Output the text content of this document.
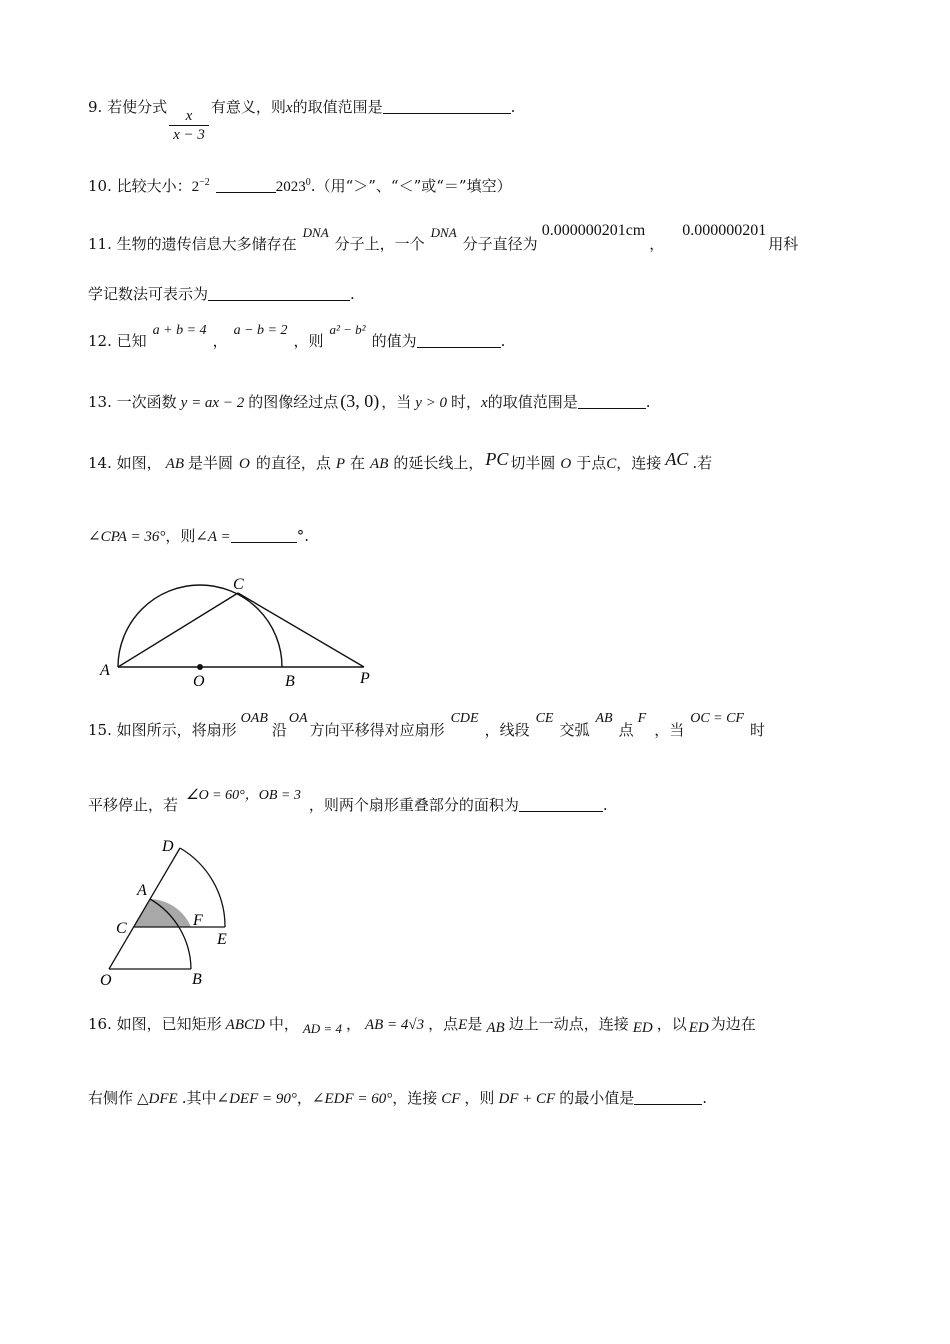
9. 若使分式 $\frac{x}{x - 3}$ 有意义，则x的取值范围是	.
10. 比较大小：$2^{-2}$	2023$^0$.（用“＞”、“＜”或“＝”填空）
11. 生物的遗传信息大多储存在DNA分子上，一个DNA分子直径为0.000000201cm，0.000000201用科
学记数法可表示为	.
12. 已知a + b = 4，a − b = 2，则a² − b²的值为	.
13. 一次函数 y = ax − 2 的图像经过点 (3, 0) ，当 y > 0 时，x的取值范围是	.
14. 如图， AB 是半圆 O 的直径，点 P 在 AB 的延长线上， PC 切半圆 O 于点C，连接 AC .若
∠CPA = 36°，则∠A =	°.
A
O	B	P
C
15. 如图所示，将扇形OAB沿OA方向平移得对应扇形CDE，线段CE交弧AB点F，当OC = CF时
平移停止，若∠O = 60°，OB = 3，则两个扇形重叠部分的面积为	.
D
A
C	F
E
O	B
16. 如图，已知矩形 ABCD 中， AD = 4 ， AB = 4√3 ，点E是 AB 边上一动点，连接 ED ，以 ED 为边在
右侧作 △DFE .其中∠DEF = 90°，∠EDF = 60°，连接 CF ，则 DF + CF 的最小值是	.
